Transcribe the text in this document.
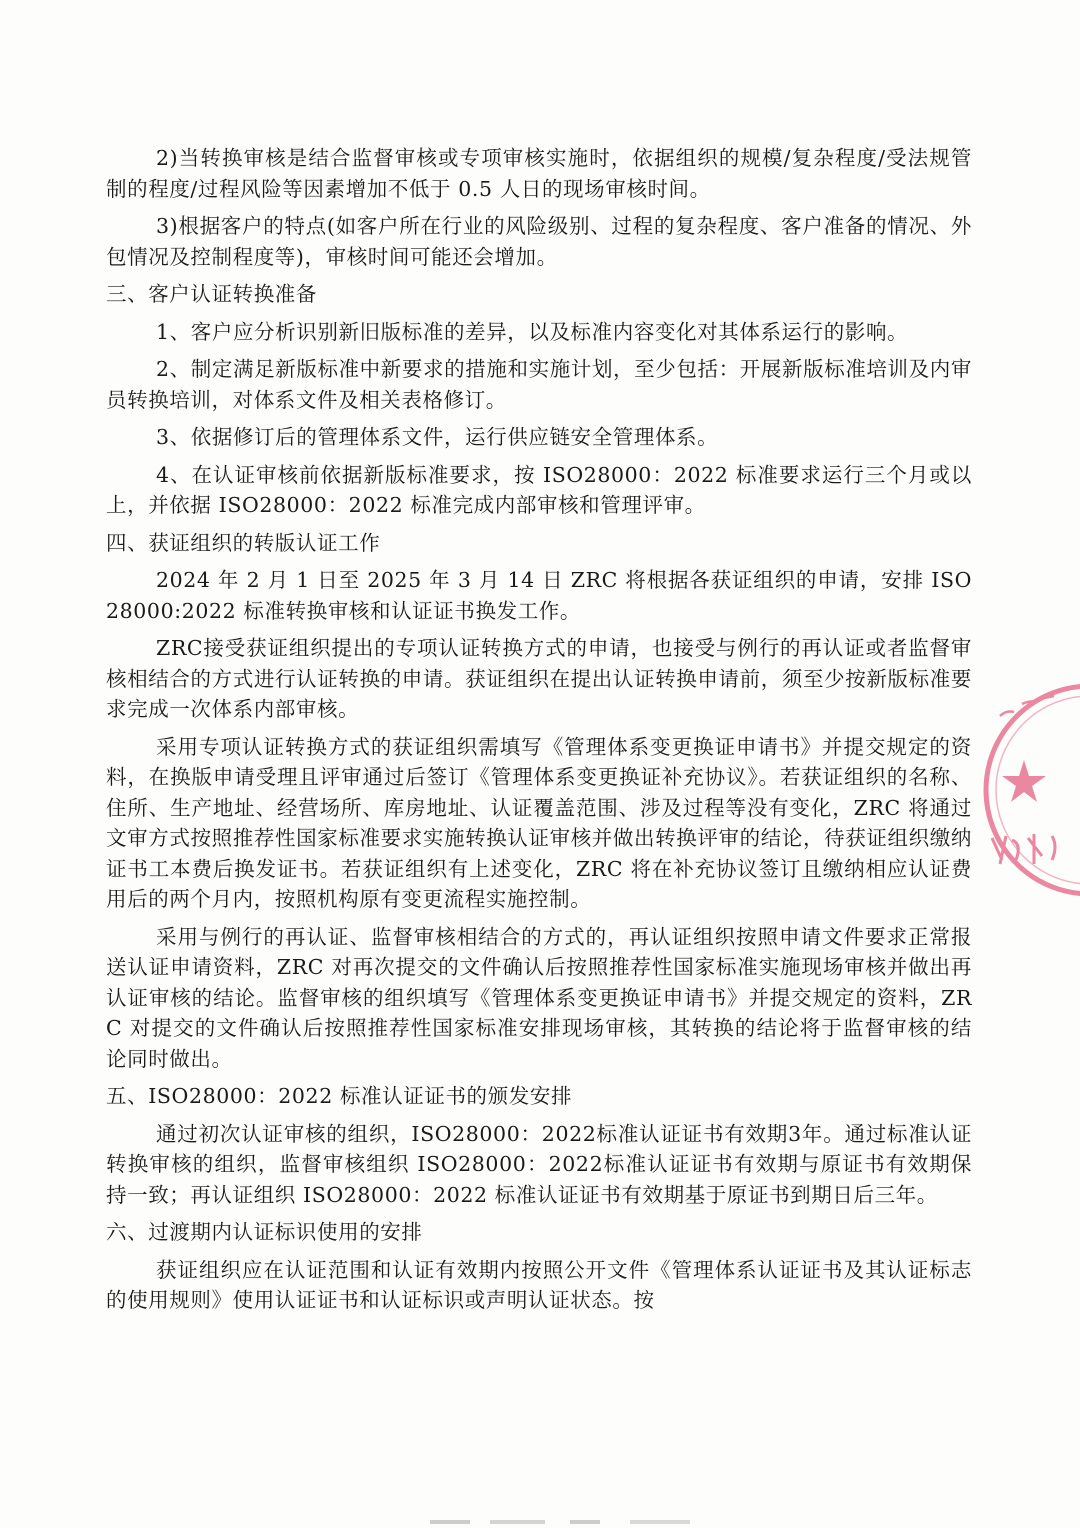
2)当转换审核是结合监督审核或专项审核实施时，依据组织的规模/复杂程度/受法规管制的程度/过程风险等因素增加不低于 0.5 人日的现场审核时间。

3)根据客户的特点(如客户所在行业的风险级别、过程的复杂程度、客户准备的情况、外包情况及控制程度等)，审核时间可能还会增加。

三、客户认证转换准备

1、客户应分析识别新旧版标准的差异，以及标准内容变化对其体系运行的影响。

2、制定满足新版标准中新要求的措施和实施计划，至少包括：开展新版标准培训及内审员转换培训，对体系文件及相关表格修订。

3、依据修订后的管理体系文件，运行供应链安全管理体系。

4、在认证审核前依据新版标准要求，按 ISO28000：2022 标准要求运行三个月或以上，并依据 ISO28000：2022 标准完成内部审核和管理评审。

四、获证组织的转版认证工作

2024 年 2 月 1 日至 2025 年 3 月 14 日 ZRC 将根据各获证组织的申请，安排 ISO28000:2022 标准转换审核和认证证书换发工作。

ZRC接受获证组织提出的专项认证转换方式的申请，也接受与例行的再认证或者监督审核相结合的方式进行认证转换的申请。获证组织在提出认证转换申请前，须至少按新版标准要求完成一次体系内部审核。

采用专项认证转换方式的获证组织需填写《管理体系变更换证申请书》并提交规定的资料，在换版申请受理且评审通过后签订《管理体系变更换证补充协议》。若获证组织的名称、住所、生产地址、经营场所、库房地址、认证覆盖范围、涉及过程等没有变化，ZRC 将通过文审方式按照推荐性国家标准要求实施转换认证审核并做出转换评审的结论，待获证组织缴纳证书工本费后换发证书。若获证组织有上述变化，ZRC 将在补充协议签订且缴纳相应认证费用后的两个月内，按照机构原有变更流程实施控制。

采用与例行的再认证、监督审核相结合的方式的，再认证组织按照申请文件要求正常报送认证申请资料，ZRC 对再次提交的文件确认后按照推荐性国家标准实施现场审核并做出再认证审核的结论。监督审核的组织填写《管理体系变更换证申请书》并提交规定的资料，ZRC 对提交的文件确认后按照推荐性国家标准安排现场审核，其转换的结论将于监督审核的结论同时做出。

五、ISO28000：2022 标准认证证书的颁发安排

通过初次认证审核的组织，ISO28000：2022标准认证证书有效期3年。通过标准认证转换审核的组织，监督审核组织 ISO28000：2022标准认证证书有效期与原证书有效期保持一致；再认证组织 ISO28000：2022 标准认证证书有效期基于原证书到期日后三年。

六、过渡期内认证标识使用的安排

获证组织应在认证范围和认证有效期内按照公开文件《管理体系认证证书及其认证标志的使用规则》使用认证证书和认证标识或声明认证状态。按
